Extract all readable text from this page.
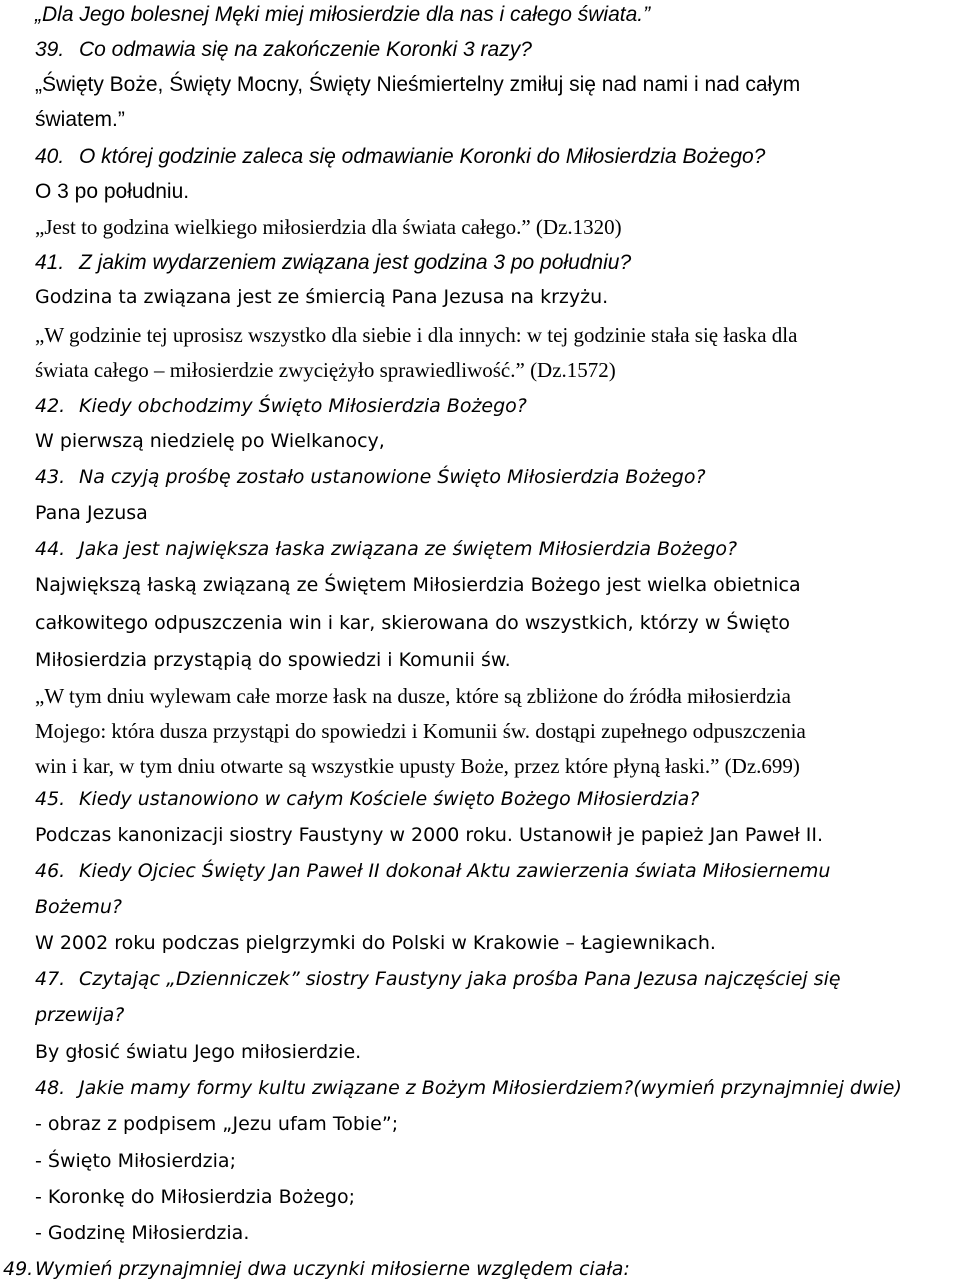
„Dla Jego bolesnej Męki miej miłosierdzie dla nas i całego świata.”
39. Co odmawia się na zakończenie Koronki 3 razy?
„Święty Boże, Święty Mocny, Święty Nieśmiertelny zmiłuj się nad nami i nad całym
światem.”
40. O której godzinie zaleca się odmawianie Koronki do Miłosierdzia Bożego?
O 3 po południu.
„Jest to godzina wielkiego miłosierdzia dla świata całego.” (Dz.1320)
41. Z jakim wydarzeniem związana jest godzina 3 po południu?
Godzina ta związana jest ze śmiercią Pana Jezusa na krzyżu.
„W godzinie tej uprosisz wszystko dla siebie i dla innych: w tej godzinie stała się łaska dla
świata całego – miłosierdzie zwyciężyło sprawiedliwość.” (Dz.1572)
42. Kiedy obchodzimy Święto Miłosierdzia Bożego?
W pierwszą niedzielę po Wielkanocy,
43. Na czyją prośbę zostało ustanowione Święto Miłosierdzia Bożego?
Pana Jezusa
44. Jaka jest największa łaska związana ze świętem Miłosierdzia Bożego?
Największą łaską związaną ze Świętem Miłosierdzia Bożego jest wielka obietnica
całkowitego odpuszczenia win i kar, skierowana do wszystkich, którzy w Święto
Miłosierdzia przystąpią do spowiedzi i Komunii św.
„W tym dniu wylewam całe morze łask na dusze, które są zbliżone do źródła miłosierdzia
Mojego: która dusza przystąpi do spowiedzi i Komunii św. dostąpi zupełnego odpuszczenia
win i kar, w tym dniu otwarte są wszystkie upusty Boże, przez które płyną łaski.” (Dz.699)
45. Kiedy ustanowiono w całym Kościele święto Bożego Miłosierdzia?
Podczas kanonizacji siostry Faustyny w 2000 roku. Ustanowił je papież Jan Paweł II.
46. Kiedy Ojciec Święty Jan Paweł II dokonał Aktu zawierzenia świata Miłosiernemu
Bożemu?
W 2002 roku podczas pielgrzymki do Polski w Krakowie – Łagiewnikach.
47. Czytając „Dzienniczek” siostry Faustyny jaka prośba Pana Jezusa najczęściej się
przewija?
By głosić światu Jego miłosierdzie.
48. Jakie mamy formy kultu związane z Bożym Miłosierdziem?(wymień przynajmniej dwie)
- obraz z podpisem „Jezu ufam Tobie”;
- Święto Miłosierdzia;
- Koronkę do Miłosierdzia Bożego;
- Godzinę Miłosierdzia.
49.Wymień przynajmniej dwa uczynki miłosierne względem ciała:
